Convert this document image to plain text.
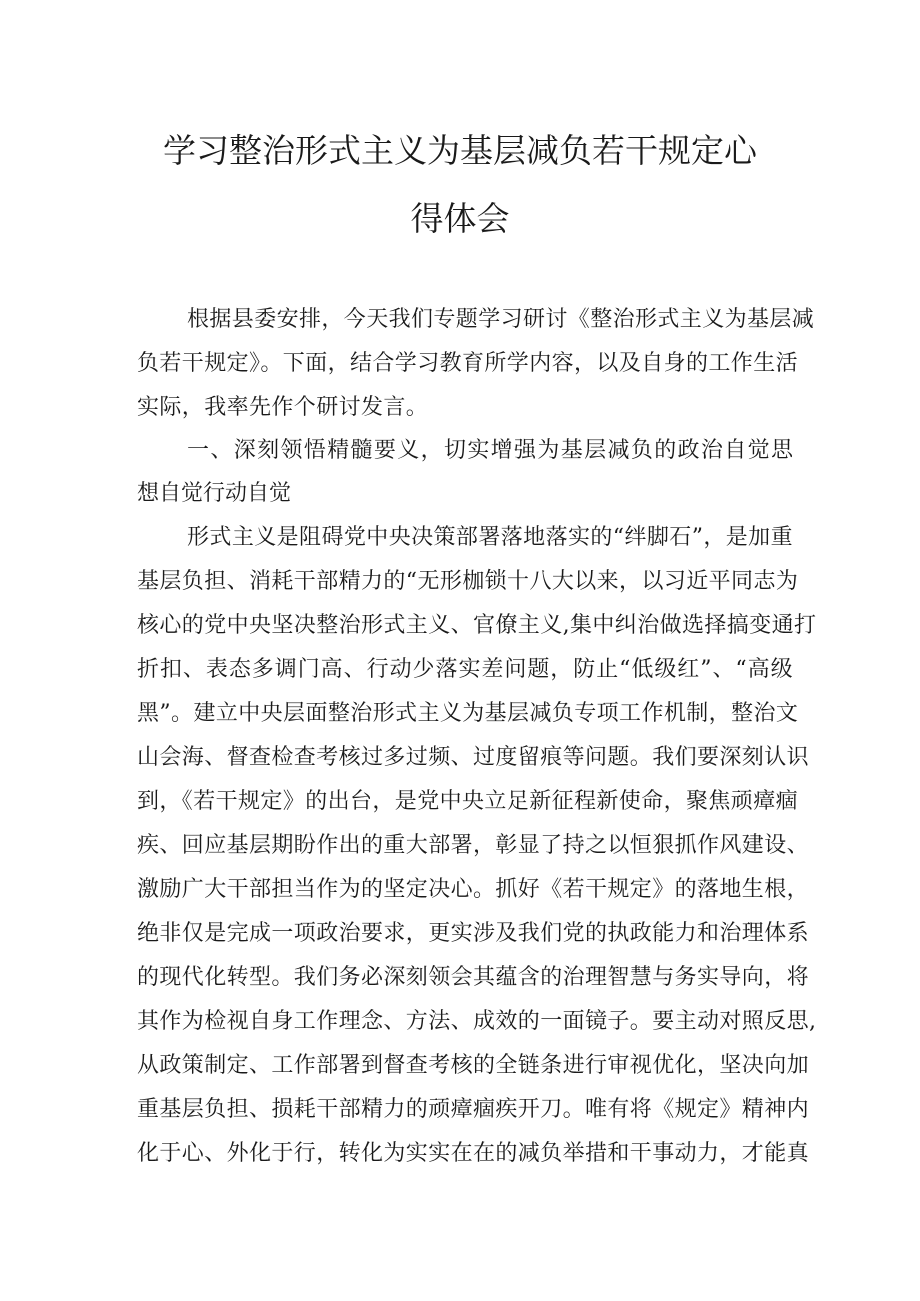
学习整治形式主义为基层减负若干规定心
得体会
根据县委安排，今天我们专题学习研讨《整治形式主义为基层减
负若干规定》。下面，结合学习教育所学内容，以及自身的工作生活
实际，我率先作个研讨发言。
一、深刻领悟精髓要义，切实增强为基层减负的政治自觉思
想自觉行动自觉
形式主义是阻碍党中央决策部署落地落实的“绊脚石”，是加重
基层负担、消耗干部精力的“无形枷锁十八大以来，以习近平同志为
核心的党中央坚决整治形式主义、官僚主义,集中纠治做选择搞变通打
折扣、表态多调门高、行动少落实差问题，防止“低级红”、“高级
黑”。建立中央层面整治形式主义为基层减负专项工作机制，整治文
山会海、督查检查考核过多过频、过度留痕等问题。我们要深刻认识
到，《若干规定》的出台，是党中央立足新征程新使命，聚焦顽瘴痼
疾、回应基层期盼作出的重大部署，彰显了持之以恒狠抓作风建设、
激励广大干部担当作为的坚定决心。抓好《若干规定》的落地生根，
绝非仅是完成一项政治要求，更实涉及我们党的执政能力和治理体系
的现代化转型。我们务必深刻领会其蕴含的治理智慧与务实导向，将
其作为检视自身工作理念、方法、成效的一面镜子。要主动对照反思,
从政策制定、工作部署到督查考核的全链条进行审视优化，坚决向加
重基层负担、损耗干部精力的顽瘴痼疾开刀。唯有将《规定》精神内
化于心、外化于行，转化为实实在在的减负举措和干事动力，才能真
